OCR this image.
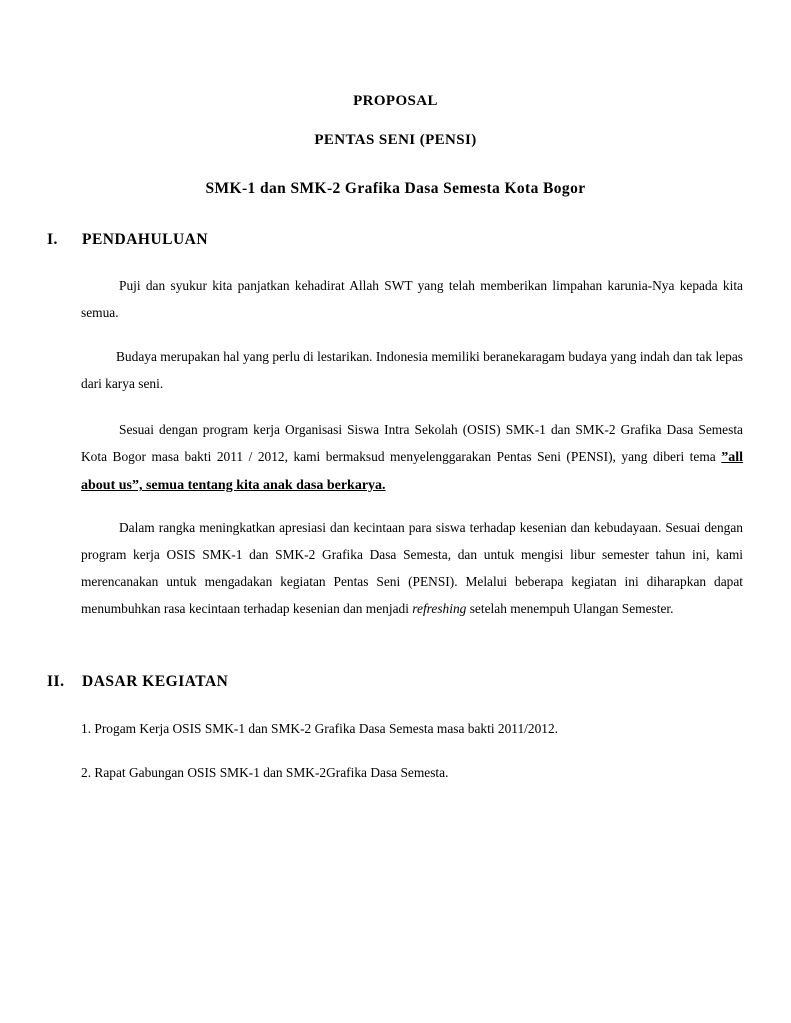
PROPOSAL
PENTAS SENI (PENSI)
SMK-1 dan SMK-2 Grafika Dasa Semesta Kota Bogor
I. PENDAHULUAN
Puji dan syukur kita panjatkan kehadirat Allah SWT yang telah memberikan limpahan karunia-Nya kepada kita semua.
Budaya merupakan hal yang perlu di lestarikan. Indonesia memiliki beranekaragam budaya yang indah dan tak lepas dari karya seni.
Sesuai dengan program kerja Organisasi Siswa Intra Sekolah (OSIS) SMK-1 dan SMK-2 Grafika Dasa Semesta Kota Bogor masa bakti 2011 / 2012, kami bermaksud menyelenggarakan Pentas Seni (PENSI), yang diberi tema ”all about us”, semua tentang kita anak dasa berkarya.
Dalam rangka meningkatkan apresiasi dan kecintaan para siswa terhadap kesenian dan kebudayaan. Sesuai dengan program kerja OSIS SMK-1 dan SMK-2 Grafika Dasa Semesta, dan untuk mengisi libur semester tahun ini, kami merencanakan untuk mengadakan kegiatan Pentas Seni (PENSI). Melalui beberapa kegiatan ini diharapkan dapat menumbuhkan rasa kecintaan terhadap kesenian dan menjadi refreshing setelah menempuh Ulangan Semester.
II. DASAR KEGIATAN
1. Progam Kerja OSIS SMK-1 dan SMK-2 Grafika Dasa Semesta masa bakti 2011/2012.
2. Rapat Gabungan OSIS SMK-1 dan SMK-2Grafika Dasa Semesta.
